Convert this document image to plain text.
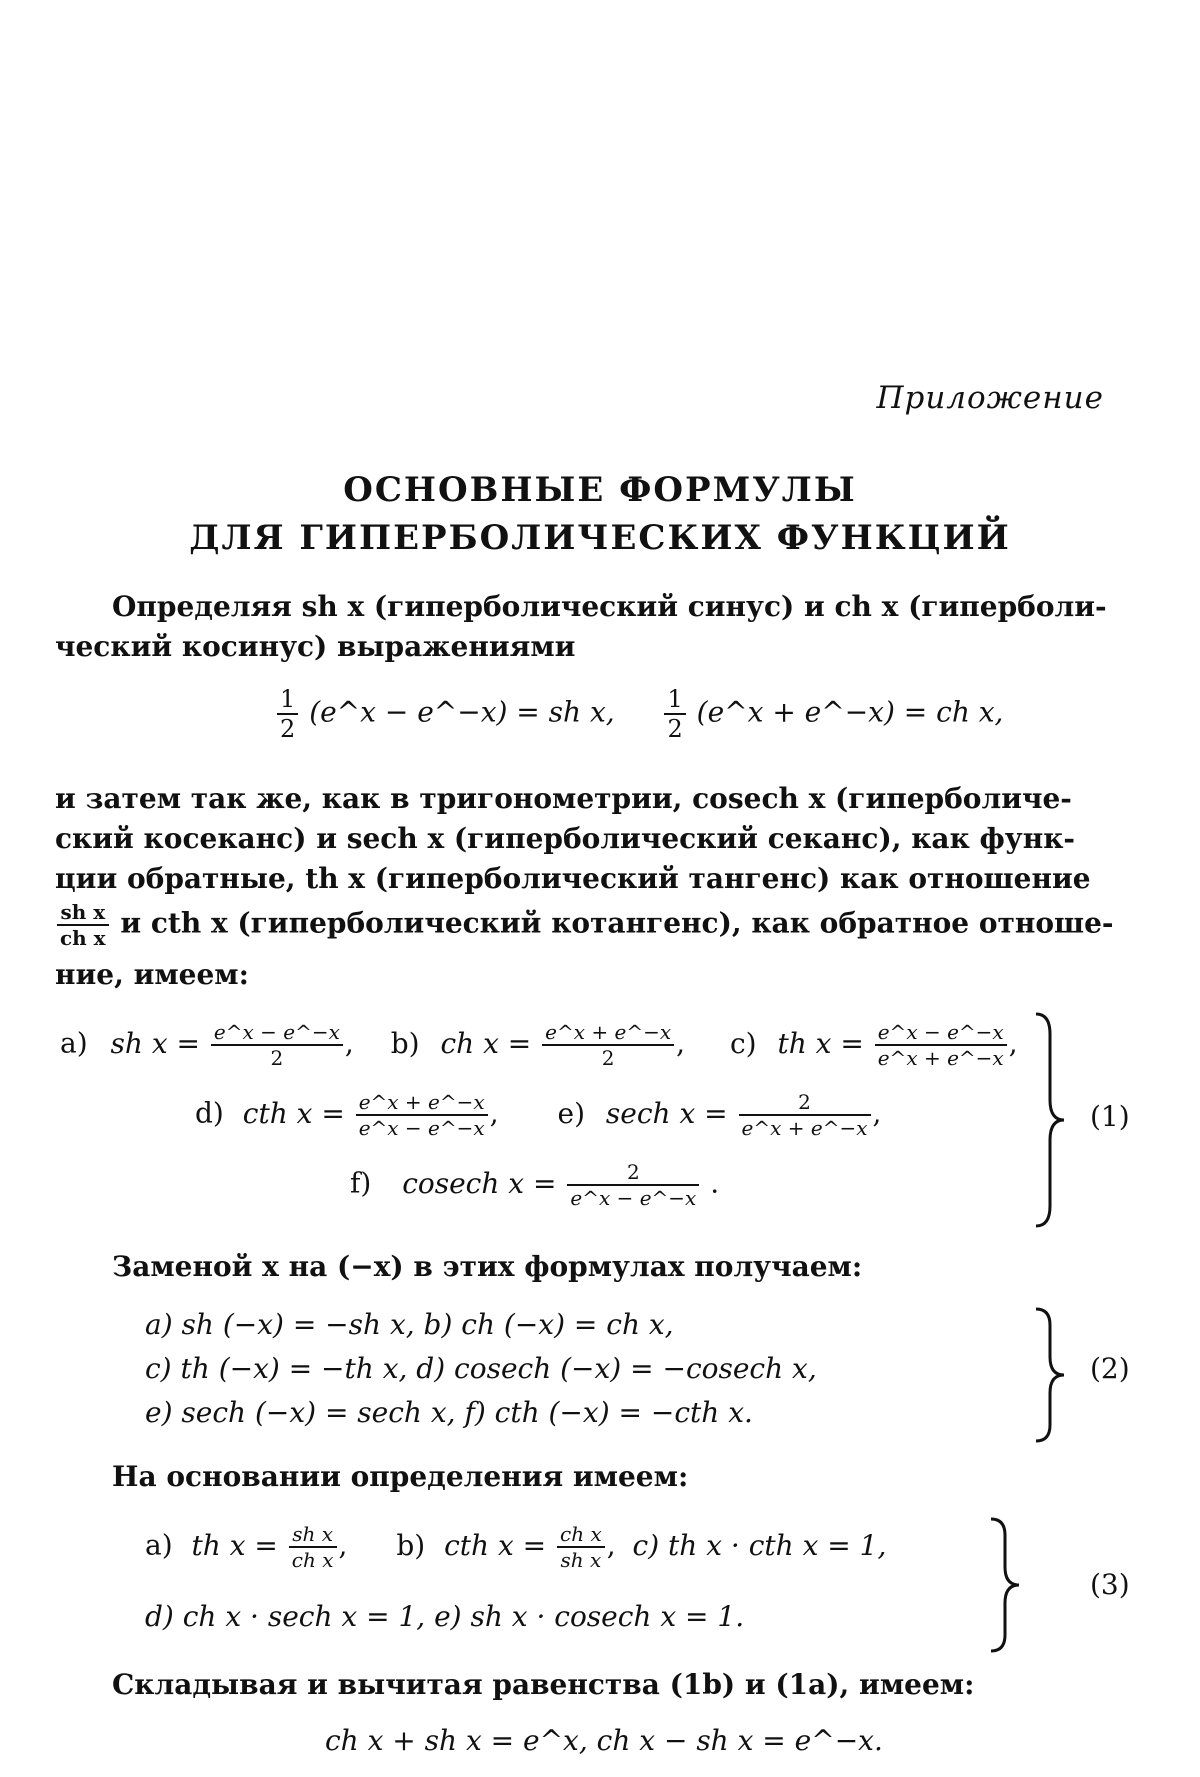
Приложение
ОСНОВНЫЕ ФОРМУЛЫ
ДЛЯ ГИПЕРБОЛИЧЕСКИХ ФУНКЦИЙ
Определяя sh x (гиперболический синус) и ch x (гиперболи-
ческий косинус) выражениями
$\frac{1}{2}$ (e^x − e^−x) = sh x, $\frac{1}{2}$ (e^x + e^−x) = ch x,
и затем так же, как в тригонометрии, cosech x (гиперболиче-
ский косеканс) и sech x (гиперболический секанс), как функ-
ции обратные, th x (гиперболический тангенс) как отношение
$\frac{\text{sh x}}{\text{ch x}}$ и cth x (гиперболический котангенс), как обратное отноше-
ние, имеем:
a) sh $x = \frac{e\^{}x - e\^{}-x}{2}$ , b) ch $x = \frac{e\^{}x + e\^{}-x}{2}$ , c) th $x = \frac{e\^{}x - e\^{}-x}{e\^{}x + e\^{}-x}$ ,
d) cth $x = \frac{e\^{}x + e\^{}-x}{e\^{}x - e\^{}-x}$ , e) sech $x = \frac{2}{e\^{}x + e\^{}-x}$ ,
f) cosech $x = \frac{2}{e\^{}x - e\^{}-x}$ .
(1)
Заменой x на (−x) в этих формулах получаем:
a) sh (−x) = −sh x, b) ch (−x) = ch x,
c) th (−x) = −th x, d) cosech (−x) = −cosech x,
e) sech (−x) = sech x, f) cth (−x) = −cth x.
(2)
На основании определения имеем:
a) th $x = \frac{\text{sh x}}{\text{ch x}}$ , b) cth $x = \frac{\text{ch x}}{\text{sh x}}$ , c) th x · cth x = 1,
d) ch x · sech x = 1, e) sh x · cosech x = 1.
(3)
Складывая и вычитая равенства (1b) и (1a), имеем:
ch x + sh x = e^x, ch x − sh x = e^−x.
